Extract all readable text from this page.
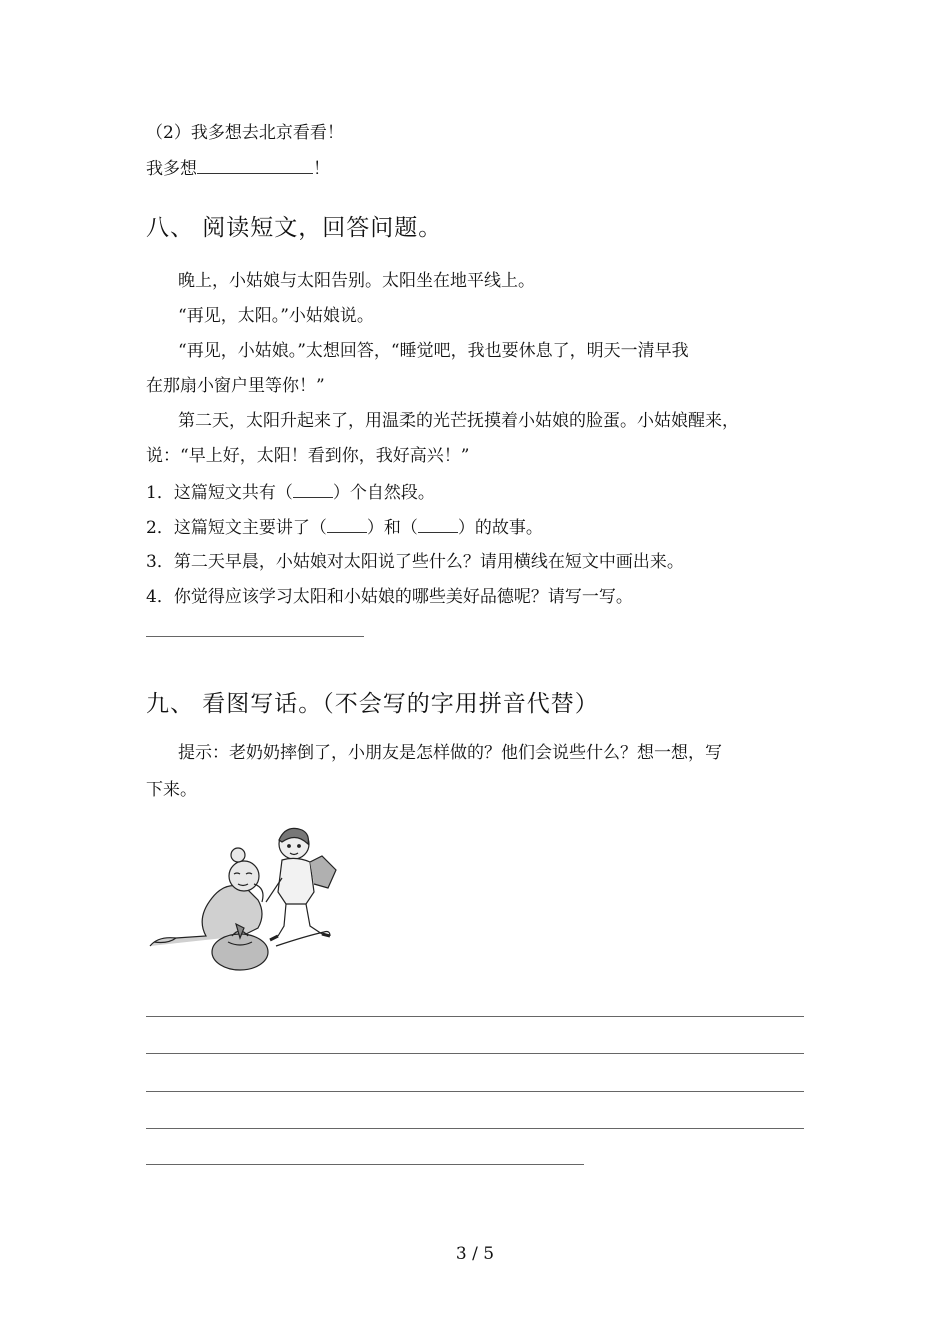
（2）我多想去北京看看！
我多想	！
八、 阅读短文，回答问题。
晚上，小姑娘与太阳告别。太阳坐在地平线上。
“再见，太阳。”小姑娘说。
“再见，小姑娘。”太想回答，“睡觉吧，我也要休息了，明天一清早我
在那扇小窗户里等你！”
第二天，太阳升起来了，用温柔的光芒抚摸着小姑娘的脸蛋。小姑娘醒来，
说：“早上好，太阳！看到你，我好高兴！”
1．这篇短文共有（ ）个自然段。
2．这篇短文主要讲了（ ）和（ ）的故事。
3．第二天早晨，小姑娘对太阳说了些什么？请用横线在短文中画出来。
4．你觉得应该学习太阳和小姑娘的哪些美好品德呢？请写一写。
九、 看图写话。（不会写的字用拼音代替）
提示：老奶奶摔倒了，小朋友是怎样做的？他们会说些什么？想一想，写
下来。
3 / 5
